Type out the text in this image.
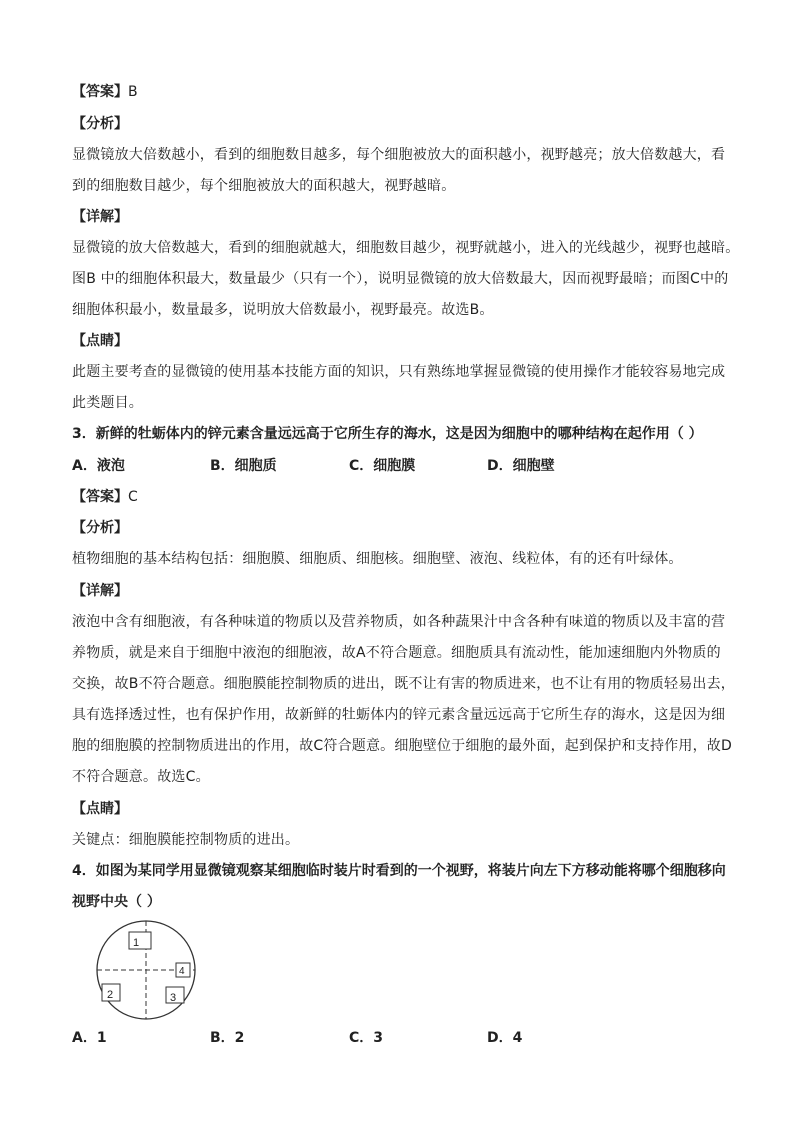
【答案】B
【分析】
显微镜放大倍数越小，看到的细胞数目越多，每个细胞被放大的面积越小，视野越亮；放大倍数越大，看
到的细胞数目越少，每个细胞被放大的面积越大，视野越暗。
【详解】
显微镜的放大倍数越大，看到的细胞就越大，细胞数目越少，视野就越小，进入的光线越少，视野也越暗。
图B 中的细胞体积最大，数量最少（只有一个），说明显微镜的放大倍数最大，因而视野最暗；而图C中的
细胞体积最小，数量最多，说明放大倍数最小，视野最亮。故选B。
【点睛】
此题主要考查的显微镜的使用基本技能方面的知识，只有熟练地掌握显微镜的使用操作才能较容易地完成
此类题目。
3．新鲜的牡蛎体内的锌元素含量远远高于它所生存的海水，这是因为细胞中的哪种结构在起作用（ ）
A．液泡	B．细胞质	C．细胞膜	D．细胞壁
【答案】C
【分析】
植物细胞的基本结构包括：细胞膜、细胞质、细胞核。细胞壁、液泡、线粒体，有的还有叶绿体。
【详解】
液泡中含有细胞液，有各种味道的物质以及营养物质，如各种蔬果汁中含各种有味道的物质以及丰富的营
养物质，就是来自于细胞中液泡的细胞液，故A不符合题意。细胞质具有流动性，能加速细胞内外物质的
交换，故B不符合题意。细胞膜能控制物质的进出，既不让有害的物质进来，也不让有用的物质轻易出去，
具有选择透过性，也有保护作用，故新鲜的牡蛎体内的锌元素含量远远高于它所生存的海水，这是因为细
胞的细胞膜的控制物质进出的作用，故C符合题意。细胞壁位于细胞的最外面，起到保护和支持作用，故D
不符合题意。故选C。
【点睛】
关键点：细胞膜能控制物质的进出。
4．如图为某同学用显微镜观察某细胞临时装片时看到的一个视野，将装片向左下方移动能将哪个细胞移向
视野中央（ ）
1
2	3
4
A．1	B．2	C．3	D．4
